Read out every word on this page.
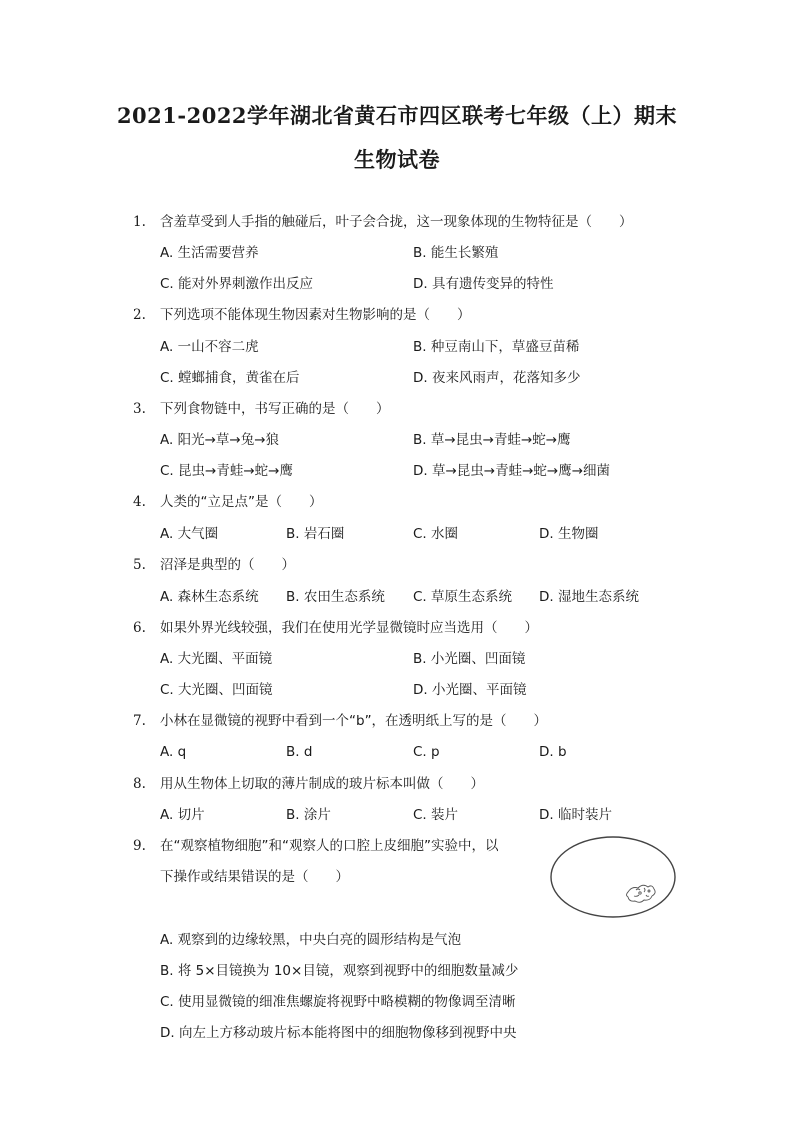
2021-2022学年湖北省黄石市四区联考七年级（上）期末
生物试卷
1.	含羞草受到人手指的触碰后，叶子会合拢，这一现象体现的生物特征是（　　）
A. 生活需要营养	B. 能生长繁殖
C. 能对外界刺激作出反应	D. 具有遗传变异的特性
2.	下列选项不能体现生物因素对生物影响的是（　　）
A. 一山不容二虎	B. 种豆南山下，草盛豆苗稀
C. 螳螂捕食，黄雀在后	D. 夜来风雨声，花落知多少
3.	下列食物链中，书写正确的是（　　）
A. 阳光→草→兔→狼	B. 草→昆虫→青蛙→蛇→鹰
C. 昆虫→青蛙→蛇→鹰	D. 草→昆虫→青蛙→蛇→鹰→细菌
4.	人类的“立足点”是（　　）
A. 大气圈	B. 岩石圈	C. 水圈	D. 生物圈
5.	沼泽是典型的（　　）
A. 森林生态系统 B. 农田生态系统 C. 草原生态系统 D. 湿地生态系统
6.	如果外界光线较强，我们在使用光学显微镜时应当选用（　　）
A. 大光圈、平面镜	B. 小光圈、凹面镜
C. 大光圈、凹面镜	D. 小光圈、平面镜
7.	小林在显微镜的视野中看到一个“b”，在透明纸上写的是（　　）
A. q	B. d	C. p	D. b
8.	用从生物体上切取的薄片制成的玻片标本叫做（　　）
A. 切片	B. 涂片	C. 装片	D. 临时装片
9.	在“观察植物细胞”和“观察人的口腔上皮细胞”实验中，以
下操作或结果错误的是（　　）
A. 观察到的边缘较黑，中央白亮的圆形结构是气泡
B. 将 5×目镜换为 10×目镜，观察到视野中的细胞数量减少
C. 使用显微镜的细准焦螺旋将视野中略模糊的物像调至清晰
D. 向左上方移动玻片标本能将图中的细胞物像移到视野中央
